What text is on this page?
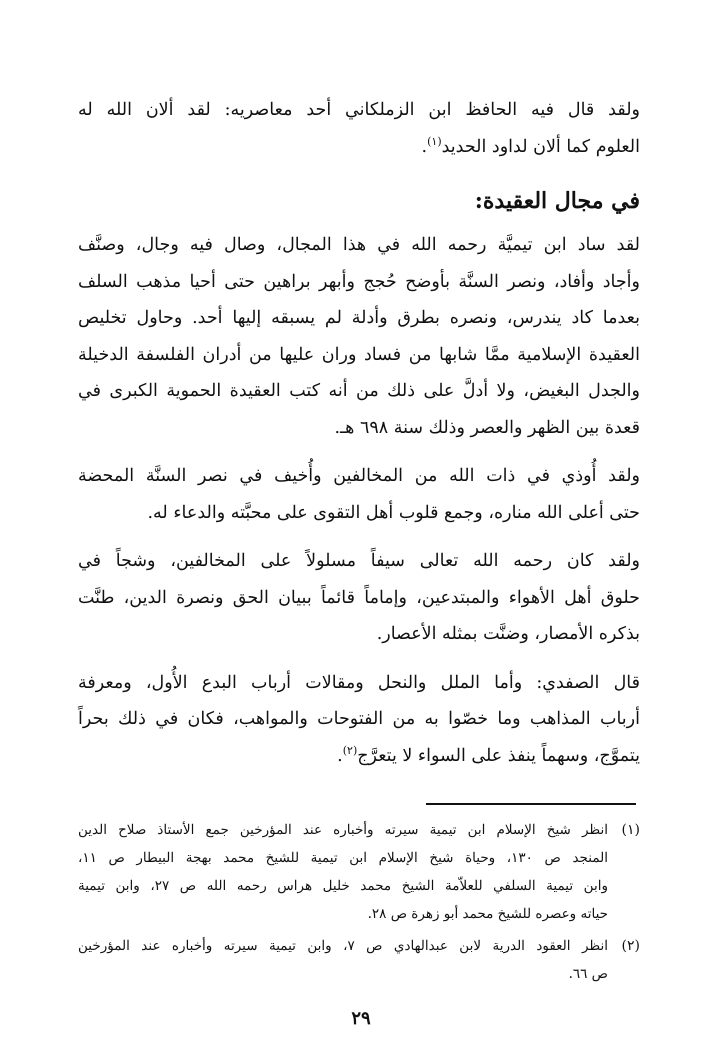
ولقد قال فيه الحافظ ابن الزملكاني أحد معاصريه: لقد ألان الله له

العلوم كما ألان لداود الحديد$^{(١)}$.

في مجال العقيدة:

لقد ساد ابن تيميَّة رحمه الله في هذا المجال، وصال فيه وجال، وصنَّف

وأجاد وأفاد، ونصر السنَّة بأوضح حُجج وأبهر براهين حتى أحيا مذهب السلف

بعدما كاد يندرس، ونصره بطرق وأدلة لم يسبقه إليها أحد. وحاول تخليص

العقيدة الإسلامية ممَّا شابها من فساد وران عليها من أدران الفلسفة الدخيلة

والجدل البغيض، ولا أدلَّ على ذلك من أنه كتب العقيدة الحموية الكبرى في

قعدة بين الظهر والعصر وذلك سنة ٦٩٨ هـ.

ولقد أُوذي في ذات الله من المخالفين وأُخيف في نصر السنَّة المحضة

حتى أعلى الله مناره، وجمع قلوب أهل التقوى على محبَّته والدعاء له.

ولقد كان رحمه الله تعالى سيفاً مسلولاً على المخالفين، وشجاً في

حلوق أهل الأهواء والمبتدعين، وإماماً قائماً ببيان الحق ونصرة الدين، طنَّت

بذكره الأمصار، وضنَّت بمثله الأعصار.

قال الصفدي: وأما الملل والنحل ومقالات أرباب البدع الأُول، ومعرفة

أرباب المذاهب وما خصّوا به من الفتوحات والمواهب، فكان في ذلك بحراً

يتموَّج، وسهماً ينفذ على السواء لا يتعرَّج$^{(٢)}$.

(١)

انظر شيخ الإسلام ابن تيمية سيرته وأخباره عند المؤرخين جمع الأستاذ صلاح الدين

المنجد ص ١٣٠، وحياة شيخ الإسلام ابن تيمية للشيخ محمد بهجة البيطار ص ١١،

وابن تيمية السلفي للعلاّمة الشيخ محمد خليل هراس رحمه الله ص ٢٧، وابن تيمية

حياته وعصره للشيخ محمد أبو زهرة ص ٢٨.

(٢)

انظر العقود الدرية لابن عبدالهادي ص ٧، وابن تيمية سيرته وأخباره عند المؤرخين

ص ٦٦.

٢٩
